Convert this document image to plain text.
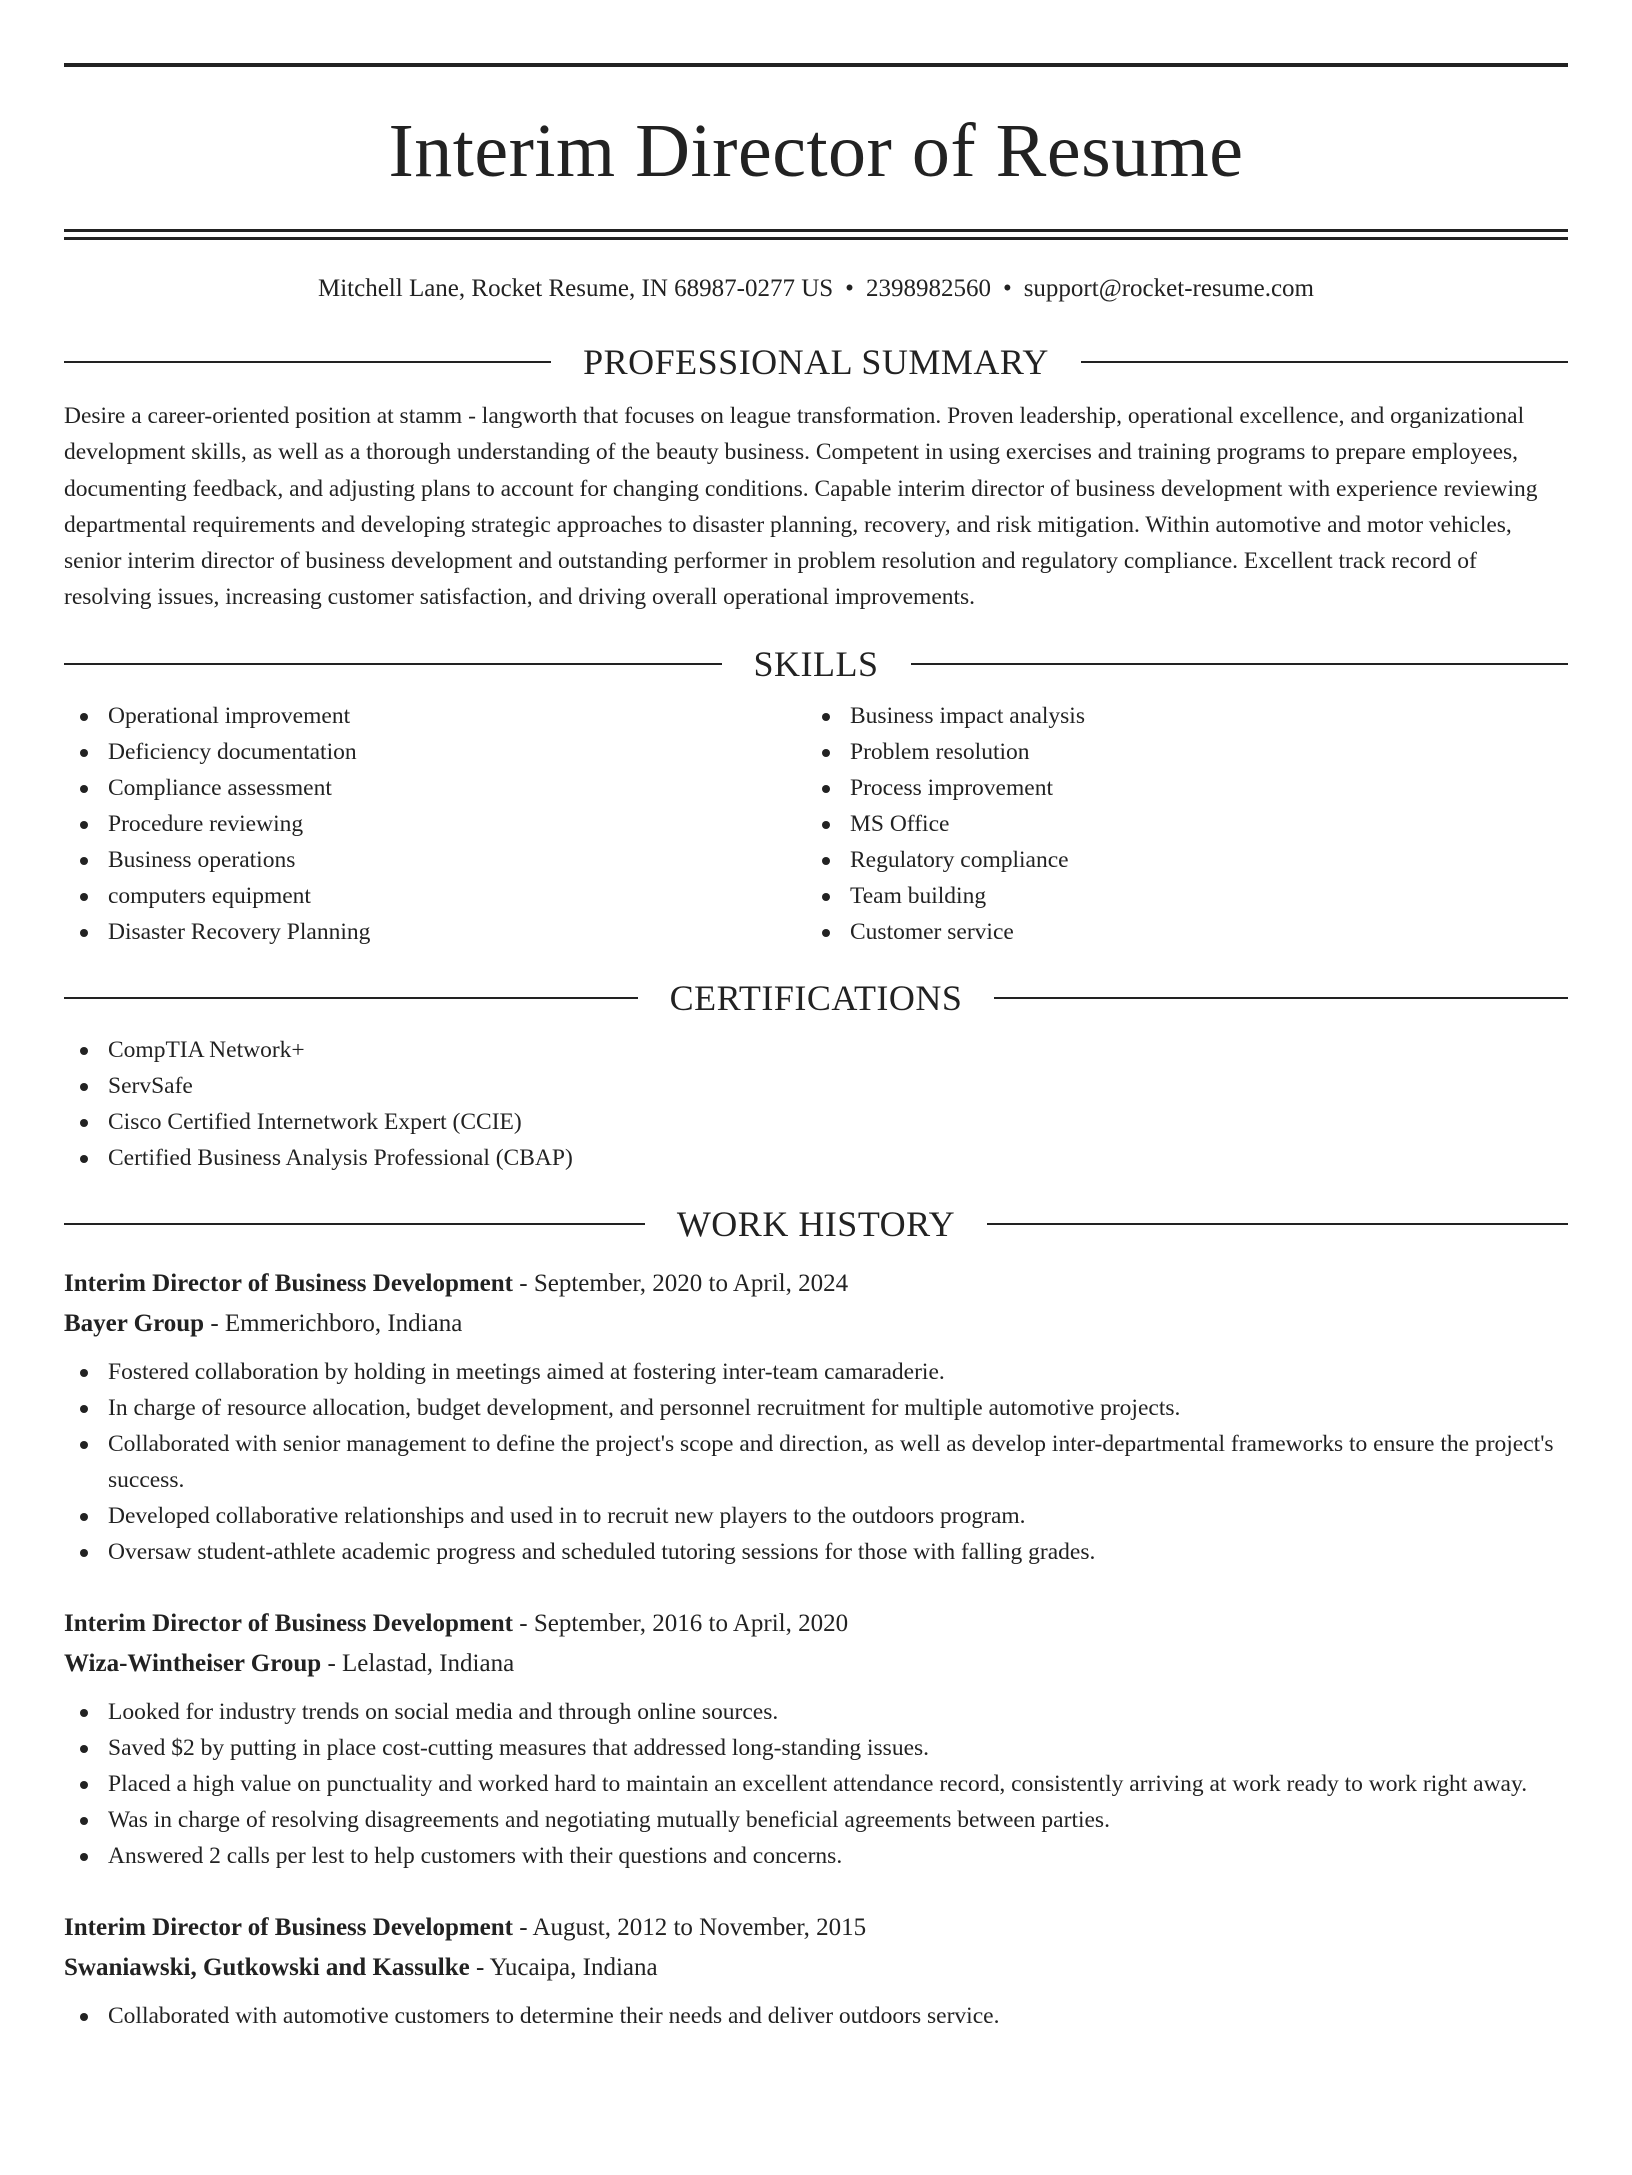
Interim Director of Resume
Mitchell Lane, Rocket Resume, IN 68987-0277 US • 2398982560 • support@rocket-resume.com
PROFESSIONAL SUMMARY

Desire a career-oriented position at stamm - langworth that focuses on league transformation. Proven leadership, operational excellence, and organizational development skills, as well as a thorough understanding of the beauty business. Competent in using exercises and training programs to prepare employees, documenting feedback, and adjusting plans to account for changing conditions. Capable interim director of business development with experience reviewing departmental requirements and developing strategic approaches to disaster planning, recovery, and risk mitigation. Within automotive and motor vehicles, senior interim director of business development and outstanding performer in problem resolution and regulatory compliance. Excellent track record of resolving issues, increasing customer satisfaction, and driving overall operational improvements.

SKILLS
Operational improvement
Deficiency documentation
Compliance assessment
Procedure reviewing
Business operations
computers equipment
Disaster Recovery Planning
Business impact analysis
Problem resolution
Process improvement
MS Office
Regulatory compliance
Team building
Customer service
CERTIFICATIONS
CompTIA Network+
ServSafe
Cisco Certified Internetwork Expert (CCIE)
Certified Business Analysis Professional (CBAP)
WORK HISTORY
Interim Director of Business Development - September, 2020 to April, 2024
Bayer Group - Emmerichboro, Indiana
Fostered collaboration by holding in meetings aimed at fostering inter-team camaraderie.
In charge of resource allocation, budget development, and personnel recruitment for multiple automotive projects.
Collaborated with senior management to define the project's scope and direction, as well as develop inter-departmental frameworks to ensure the project's success.
Developed collaborative relationships and used in to recruit new players to the outdoors program.
Oversaw student-athlete academic progress and scheduled tutoring sessions for those with falling grades.
Interim Director of Business Development - September, 2016 to April, 2020
Wiza-Wintheiser Group - Lelastad, Indiana
Looked for industry trends on social media and through online sources.
Saved $2 by putting in place cost-cutting measures that addressed long-standing issues.
Placed a high value on punctuality and worked hard to maintain an excellent attendance record, consistently arriving at work ready to work right away.
Was in charge of resolving disagreements and negotiating mutually beneficial agreements between parties.
Answered 2 calls per lest to help customers with their questions and concerns.
Interim Director of Business Development - August, 2012 to November, 2015
Swaniawski, Gutkowski and Kassulke - Yucaipa, Indiana
Collaborated with automotive customers to determine their needs and deliver outdoors service.
